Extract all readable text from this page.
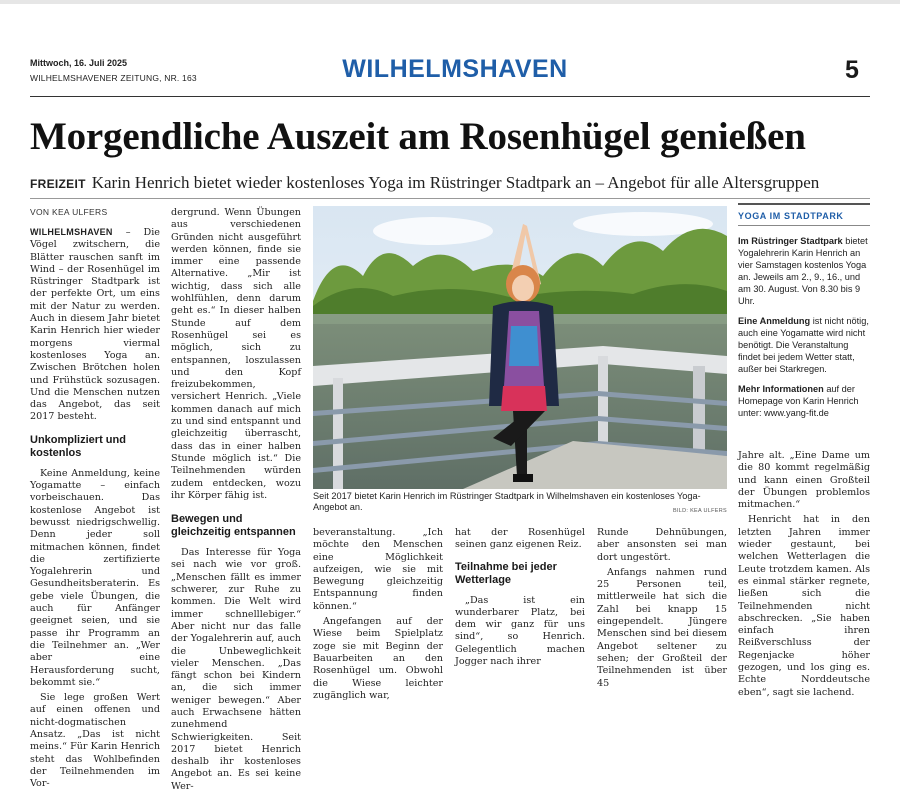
Mittwoch, 16. Juli 2025
WILHELMSHAVENER ZEITUNG, NR. 163	WILHELMSHAVEN	5
Morgendliche Auszeit am Rosenhügel genießen
FREIZEIT Karin Henrich bietet wieder kostenloses Yoga im Rüstringer Stadtpark an – Angebot für alle Altersgruppen
VON KEA ULFERS

WILHELMSHAVEN – Die Vögel zwitschern, die Blätter rauschen sanft im Wind – der Rosenhügel im Rüstringer Stadtpark ist der perfekte Ort, um eins mit der Natur zu werden. Auch in diesem Jahr bietet Karin Henrich hier wieder morgens viermal kostenloses Yoga an. Zwischen Brötchen holen und Frühstück sozusagen. Und die Menschen nutzen das Angebot, das seit 2017 besteht.

Unkompliziert und kostenlos

Keine Anmeldung, keine Yogamatte – einfach vorbeischauen. Das kostenlose Angebot ist bewusst niedrigschwellig. Denn jeder soll mitmachen können, findet die zertifizierte Yogalehrerin und Gesundheitsberaterin. Es gebe viele Übungen, die auch für Anfänger geeignet seien, und sie passe ihr Programm an die Teilnehmer an. „Wer aber eine Herausforderung sucht, bekommt sie.“

Sie lege großen Wert auf einen offenen und nicht-dogmatischen Ansatz. „Das ist nicht meins.“ Für Karin Henrich steht das Wohlbefinden der Teilnehmenden im Vor-

dergrund. Wenn Übungen aus verschiedenen Gründen nicht ausgeführt werden können, finde sie immer eine passende Alternative. „Mir ist wichtig, dass sich alle wohlfühlen, denn darum geht es.“ In dieser halben Stunde auf dem Rosenhügel sei es möglich, sich zu entspannen, loszulassen und den Kopf freizubekommen, versichert Henrich. „Viele kommen danach auf mich zu und sind entspannt und gleichzeitig überrascht, dass das in einer halben Stunde möglich ist.“ Die Teilnehmenden würden zudem entdecken, wozu ihr Körper fähig ist.

Bewegen und gleichzeitig entspannen

Das Interesse für Yoga sei nach wie vor groß. „Menschen fällt es immer schwerer, zur Ruhe zu kommen. Die Welt wird immer schnelllebiger.“ Aber nicht nur das falle der Yogalehrerin auf, auch die Unbeweglichkeit vieler Menschen. „Das fängt schon bei Kindern an, die sich immer weniger bewegen.“ Aber auch Erwachsene hätten zunehmend Schwierigkeiten. Seit 2017 bietet Henrich deshalb ihr kostenloses Angebot an. Es sei keine Wer-

Seit 2017 bietet Karin Henrich im Rüstringer Stadtpark in Wilhelmshaven ein kostenloses Yoga-Angebot an.	BILD: KEA ULFERS

beveranstaltung. „Ich möchte den Menschen eine Möglichkeit aufzeigen, wie sie mit Bewegung gleichzeitig Entspannung finden können.“

Angefangen auf der Wiese beim Spielplatz zoge sie mit Beginn der Bauarbeiten an den Rosenhügel um. Obwohl die Wiese leichter zugänglich war,

hat der Rosenhügel seinen ganz eigenen Reiz.

Teilnahme bei jeder Wetterlage

„Das ist ein wunderbarer Platz, bei dem wir ganz für uns sind“, so Henrich. Gelegentlich machen Jogger nach ihrer

Runde Dehnübungen, aber ansonsten sei man dort ungestört.

Anfangs nahmen rund 25 Personen teil, mittlerweile hat sich die Zahl bei knapp 15 eingependelt. Jüngere Menschen sind bei diesem Angebot seltener zu sehen; der Großteil der Teilnehmenden ist über 45

Jahre alt. „Eine Dame um die 80 kommt regelmäßig und kann einen Großteil der Übungen problemlos mitmachen.“

Henricht hat in den letzten Jahren immer wieder gestaunt, bei welchen Wetterlagen die Leute trotzdem kamen. Als es einmal stärker regnete, ließen sich die Teilnehmenden nicht abschrecken. „Sie haben einfach ihren Reißverschluss der Regenjacke höher gezogen, und los ging es. Echte Norddeutsche eben“, sagt sie lachend.

YOGA IM STADTPARK

Im Rüstringer Stadtpark bietet Yogalehrerin Karin Henrich an vier Samstagen kostenlos Yoga an. Jeweils am 2., 9., 16., und am 30. August. Von 8.30 bis 9 Uhr.

Eine Anmeldung ist nicht nötig, auch eine Yogamatte wird nicht benötigt. Die Veranstaltung findet bei jedem Wetter statt, außer bei Starkregen.

Mehr Informationen auf der Homepage von Karin Henrich unter: www.yang-fit.de
